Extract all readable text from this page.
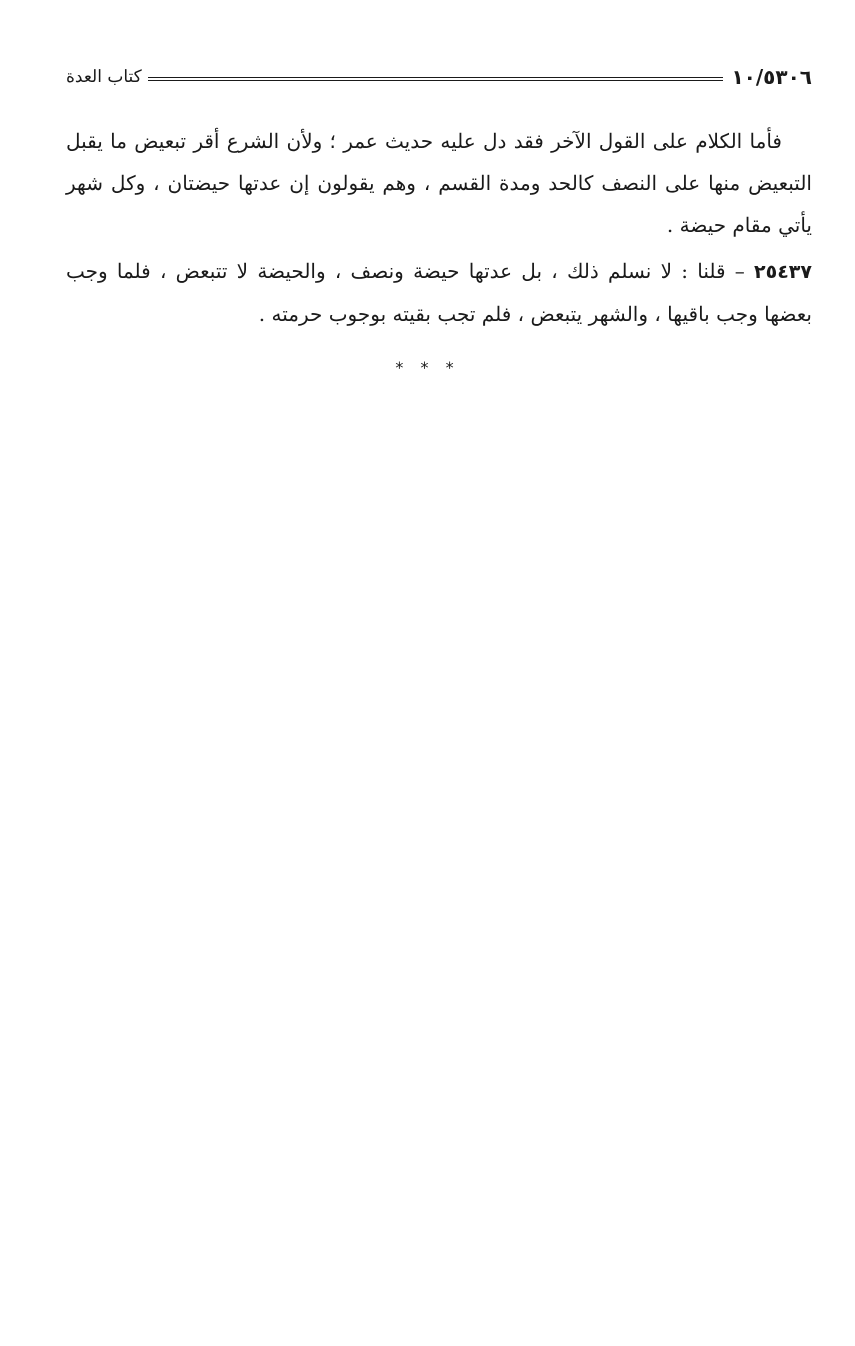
١٠/٥٣٠٦
كتاب العدة

فأما الكلام على القول الآخر فقد دل عليه حديث عمر ؛ ولأن الشرع أقر تبعيض ما يقبل التبعيض منها على النصف كالحد ومدة القسم ، وهم يقولون إن عدتها حيضتان ، وكل شهر يأتي مقام حيضة .

٢٥٤٣٧ – قلنا : لا نسلم ذلك ، بل عدتها حيضة ونصف ، والحيضة لا تتبعض ، فلما وجب بعضها وجب باقيها ، والشهر يتبعض ، فلم تجب بقيته بوجوب حرمته .

* * *
